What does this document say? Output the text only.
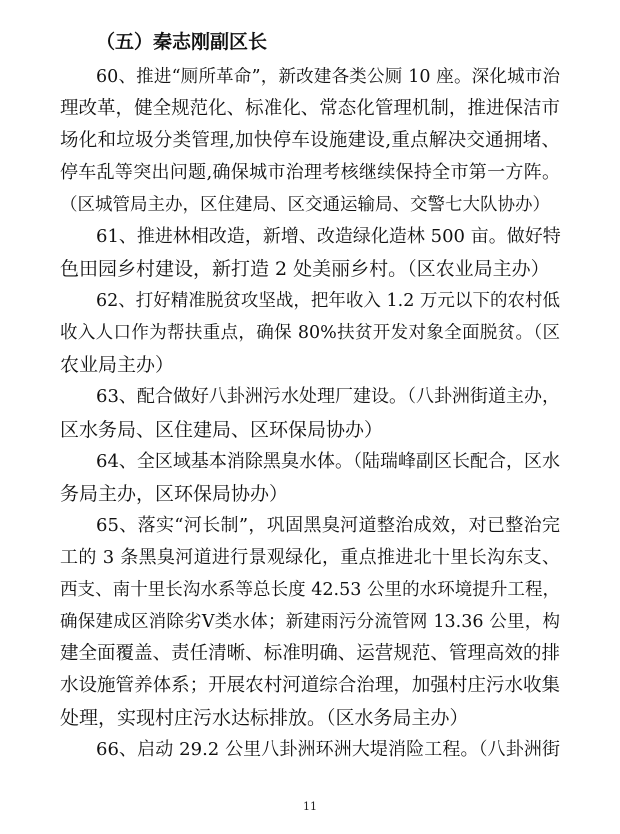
（五）秦志刚副区长
60、推进“厕所革命”，新改建各类公厕 10 座。深化城市治
理改革，健全规范化、标准化、常态化管理机制，推进保洁市
场化和垃圾分类管理,加快停车设施建设,重点解决交通拥堵、
停车乱等突出问题,确保城市治理考核继续保持全市第一方阵。
（区城管局主办，区住建局、区交通运输局、交警七大队协办）
61、推进林相改造，新增、改造绿化造林 500 亩。做好特
色田园乡村建设，新打造 2 处美丽乡村。（区农业局主办）
62、打好精准脱贫攻坚战，把年收入 1.2 万元以下的农村低
收入人口作为帮扶重点，确保 80%扶贫开发对象全面脱贫。（区
农业局主办）
63、配合做好八卦洲污水处理厂建设。（八卦洲街道主办，
区水务局、区住建局、区环保局协办）
64、全区域基本消除黑臭水体。（陆瑞峰副区长配合，区水
务局主办，区环保局协办）
65、落实“河长制”，巩固黑臭河道整治成效，对已整治完
工的 3 条黑臭河道进行景观绿化，重点推进北十里长沟东支、
西支、南十里长沟水系等总长度 42.53 公里的水环境提升工程，
确保建成区消除劣Ⅴ类水体；新建雨污分流管网 13.36 公里，构
建全面覆盖、责任清晰、标准明确、运营规范、管理高效的排
水设施管养体系；开展农村河道综合治理，加强村庄污水收集
处理，实现村庄污水达标排放。（区水务局主办）
11
66、启动 29.2 公里八卦洲环洲大堤消险工程。（八卦洲街
